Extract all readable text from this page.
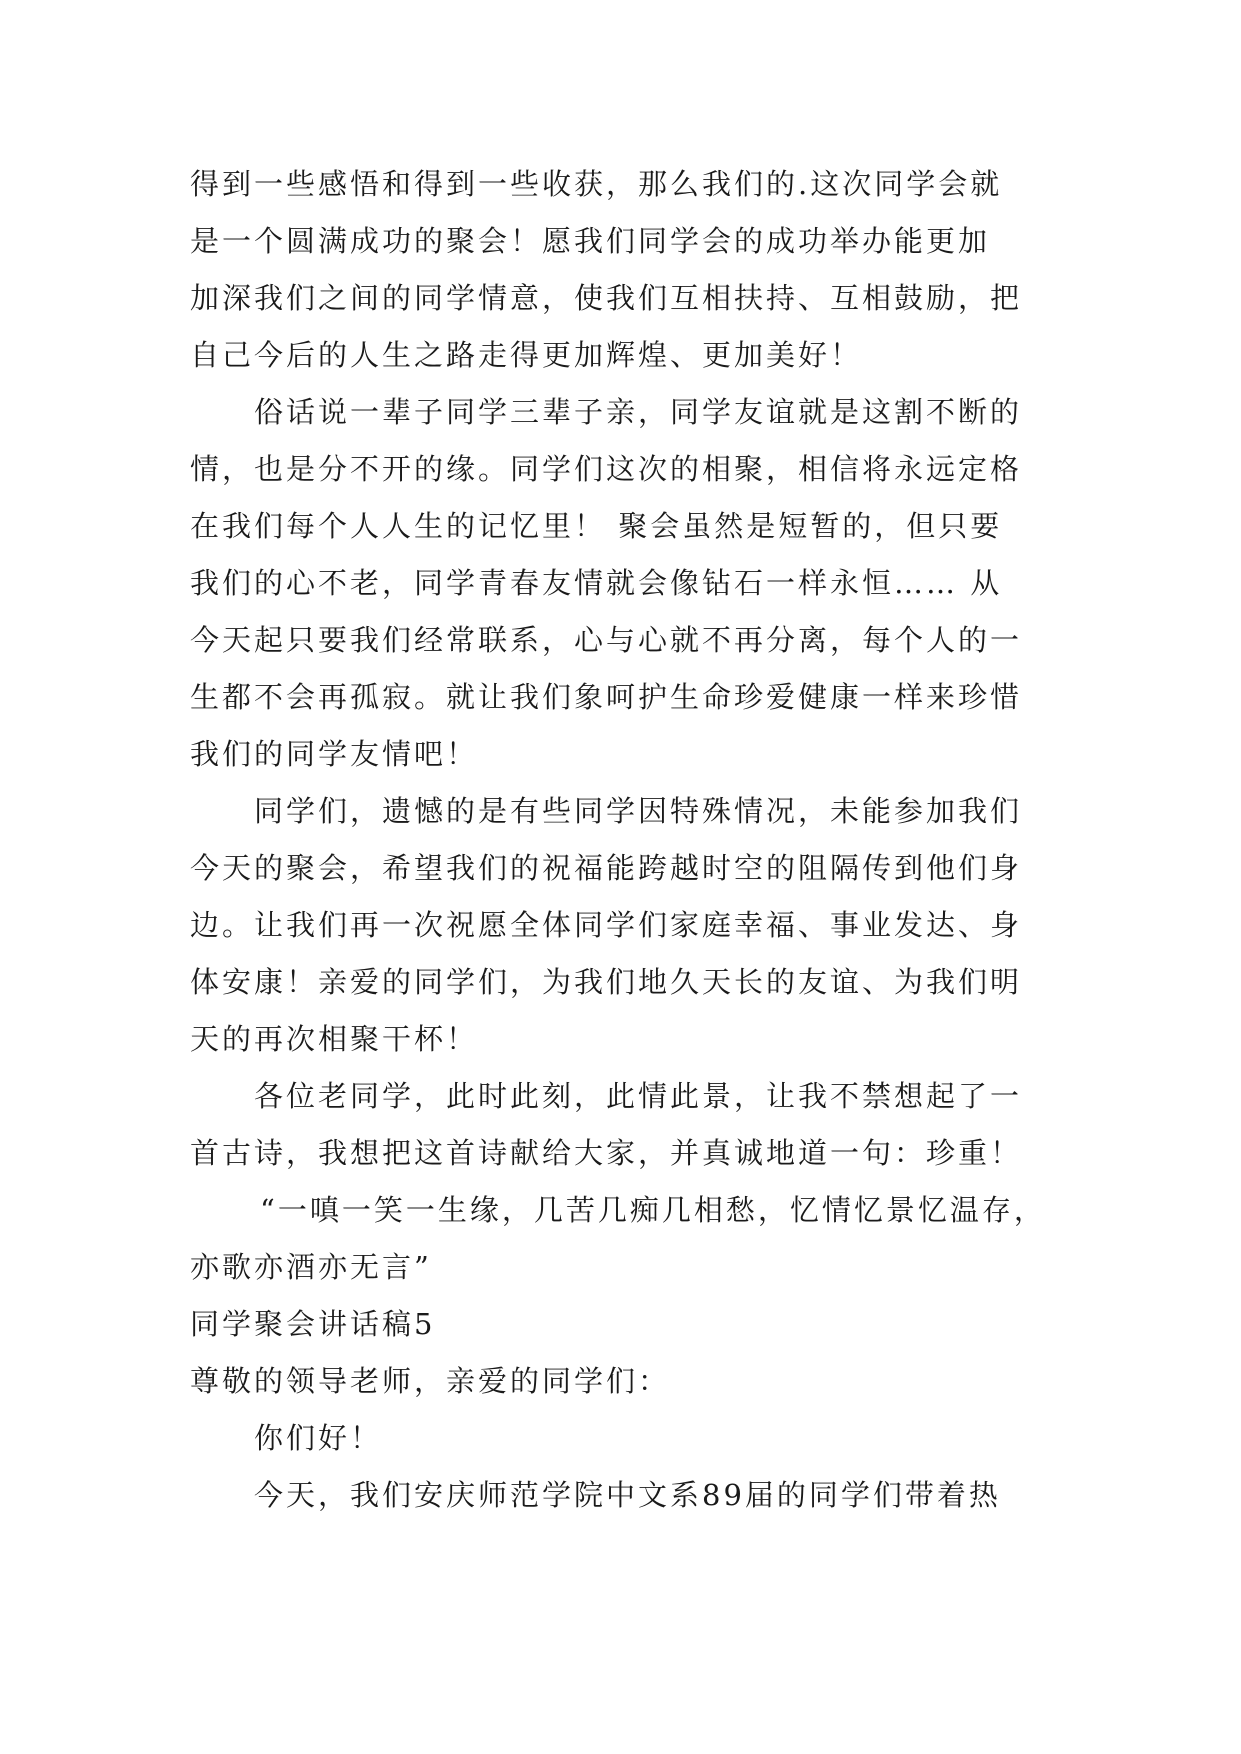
得到一些感悟和得到一些收获，那么我们的.这次同学会就
是一个圆满成功的聚会！愿我们同学会的成功举办能更加
加深我们之间的同学情意，使我们互相扶持、互相鼓励，把
自己今后的人生之路走得更加辉煌、更加美好！
俗话说一辈子同学三辈子亲，同学友谊就是这割不断的
情，也是分不开的缘。同学们这次的相聚，相信将永远定格
在我们每个人人生的记忆里！ 聚会虽然是短暂的，但只要
我们的心不老，同学青春友情就会像钻石一样永恒…… 从
今天起只要我们经常联系，心与心就不再分离，每个人的一
生都不会再孤寂。就让我们象呵护生命珍爱健康一样来珍惜
我们的同学友情吧！
同学们，遗憾的是有些同学因特殊情况，未能参加我们
今天的聚会，希望我们的祝福能跨越时空的阻隔传到他们身
边。让我们再一次祝愿全体同学们家庭幸福、事业发达、身
体安康！亲爱的同学们，为我们地久天长的友谊、为我们明
天的再次相聚干杯！
各位老同学，此时此刻，此情此景，让我不禁想起了一
首古诗，我想把这首诗献给大家，并真诚地道一句：珍重！
“一嗔一笑一生缘，几苦几痴几相愁，忆情忆景忆温存，
亦歌亦酒亦无言”
同学聚会讲话稿5
尊敬的领导老师，亲爱的同学们：
你们好！
今天，我们安庆师范学院中文系89届的同学们带着热
